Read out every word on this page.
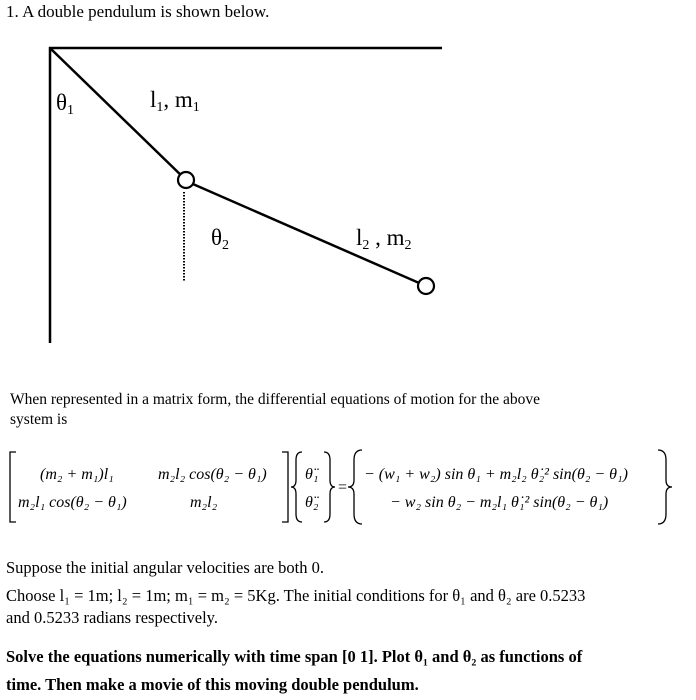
1. A double pendulum is shown below.
θ1	l1, m1
θ2	l2 , m2
When represented in a matrix form, the differential equations of motion for the above
system is
(m₂ + m₁)l₁	m₂l₂ cos(θ₂ − θ₁)
m₂l₁ cos(θ₂ − θ₁)	m₂l₂
θ̈₁
θ̈₂
=
− (w₁ + w₂) sin θ₁ + m₂l₂ θ̇₂² sin(θ₂ − θ₁)
− w₂ sin θ₂ − m₂l₁ θ̇₁² sin(θ₂ − θ₁)
Suppose the initial angular velocities are both 0.
Choose l₁ = 1m; l₂ = 1m; m₁ = m₂ = 5Kg. The initial conditions for θ₁ and θ₂ are 0.5233
and 0.5233 radians respectively.
Solve the equations numerically with time span [0 1]. Plot θ₁ and θ₂ as functions of
time. Then make a movie of this moving double pendulum.
